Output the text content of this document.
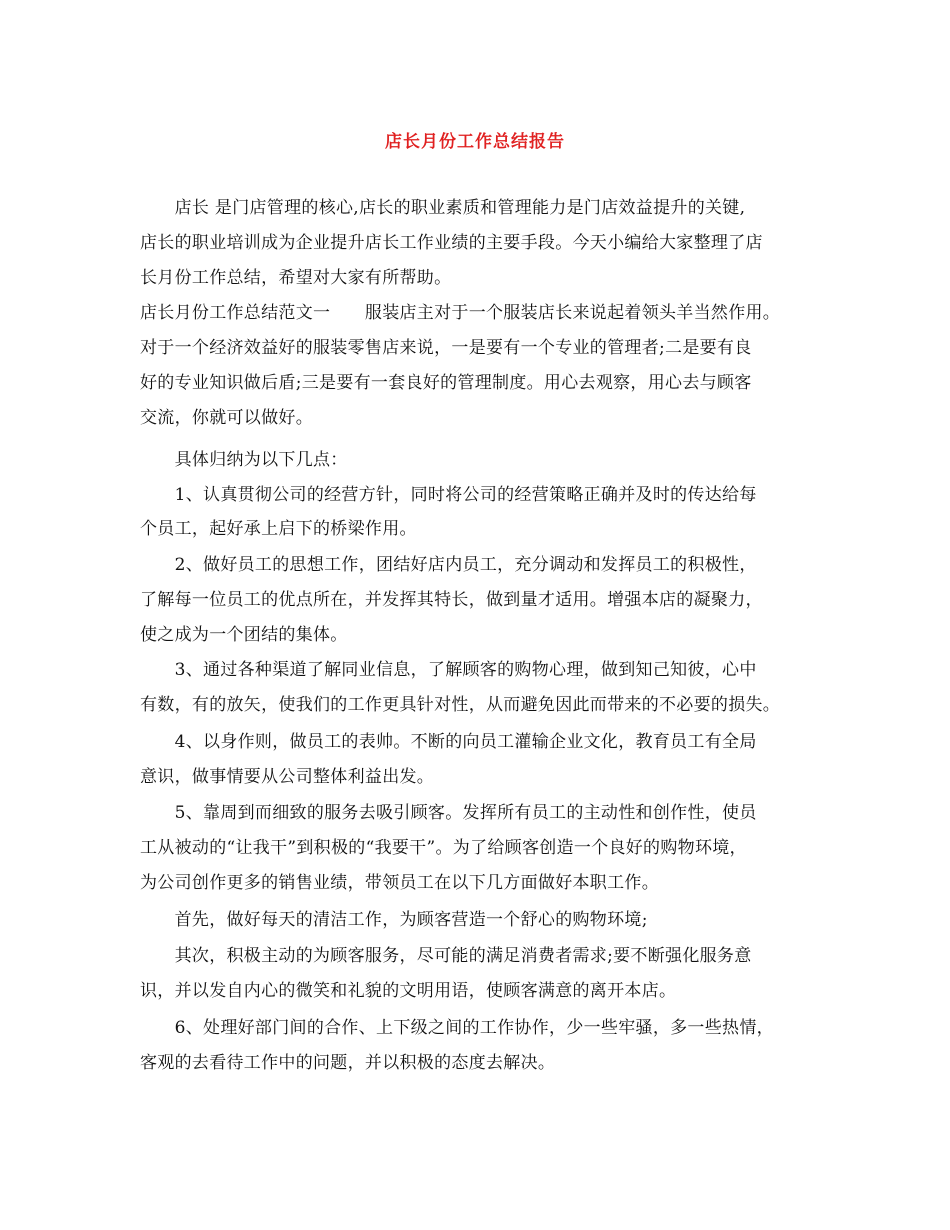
店长月份工作总结报告
　　店长 是门店管理的核心,店长的职业素质和管理能力是门店效益提升的关键,
店长的职业培训成为企业提升店长工作业绩的主要手段。今天小编给大家整理了店
长月份工作总结，希望对大家有所帮助。
店长月份工作总结范文一　　服装店主对于一个服装店长来说起着领头羊当然作用。
对于一个经济效益好的服装零售店来说，一是要有一个专业的管理者;二是要有良
好的专业知识做后盾;三是要有一套良好的管理制度。用心去观察，用心去与顾客
交流，你就可以做好。
　　具体归纳为以下几点：
　　1、认真贯彻公司的经营方针，同时将公司的经营策略正确并及时的传达给每
个员工，起好承上启下的桥梁作用。
　　2、做好员工的思想工作，团结好店内员工，充分调动和发挥员工的积极性，
了解每一位员工的优点所在，并发挥其特长，做到量才适用。增强本店的凝聚力，
使之成为一个团结的集体。
　　3、通过各种渠道了解同业信息，了解顾客的购物心理，做到知己知彼，心中
有数，有的放矢，使我们的工作更具针对性，从而避免因此而带来的不必要的损失。
　　4、以身作则，做员工的表帅。不断的向员工灌输企业文化，教育员工有全局
意识，做事情要从公司整体利益出发。
　　5、靠周到而细致的服务去吸引顾客。发挥所有员工的主动性和创作性，使员
工从被动的“让我干”到积极的“我要干”。为了给顾客创造一个良好的购物环境，
为公司创作更多的销售业绩，带领员工在以下几方面做好本职工作。
　　首先，做好每天的清洁工作，为顾客营造一个舒心的购物环境;
　　其次，积极主动的为顾客服务，尽可能的满足消费者需求;要不断强化服务意
识，并以发自内心的微笑和礼貌的文明用语，使顾客满意的离开本店。
　　6、处理好部门间的合作、上下级之间的工作协作，少一些牢骚，多一些热情，
客观的去看待工作中的问题，并以积极的态度去解决。
